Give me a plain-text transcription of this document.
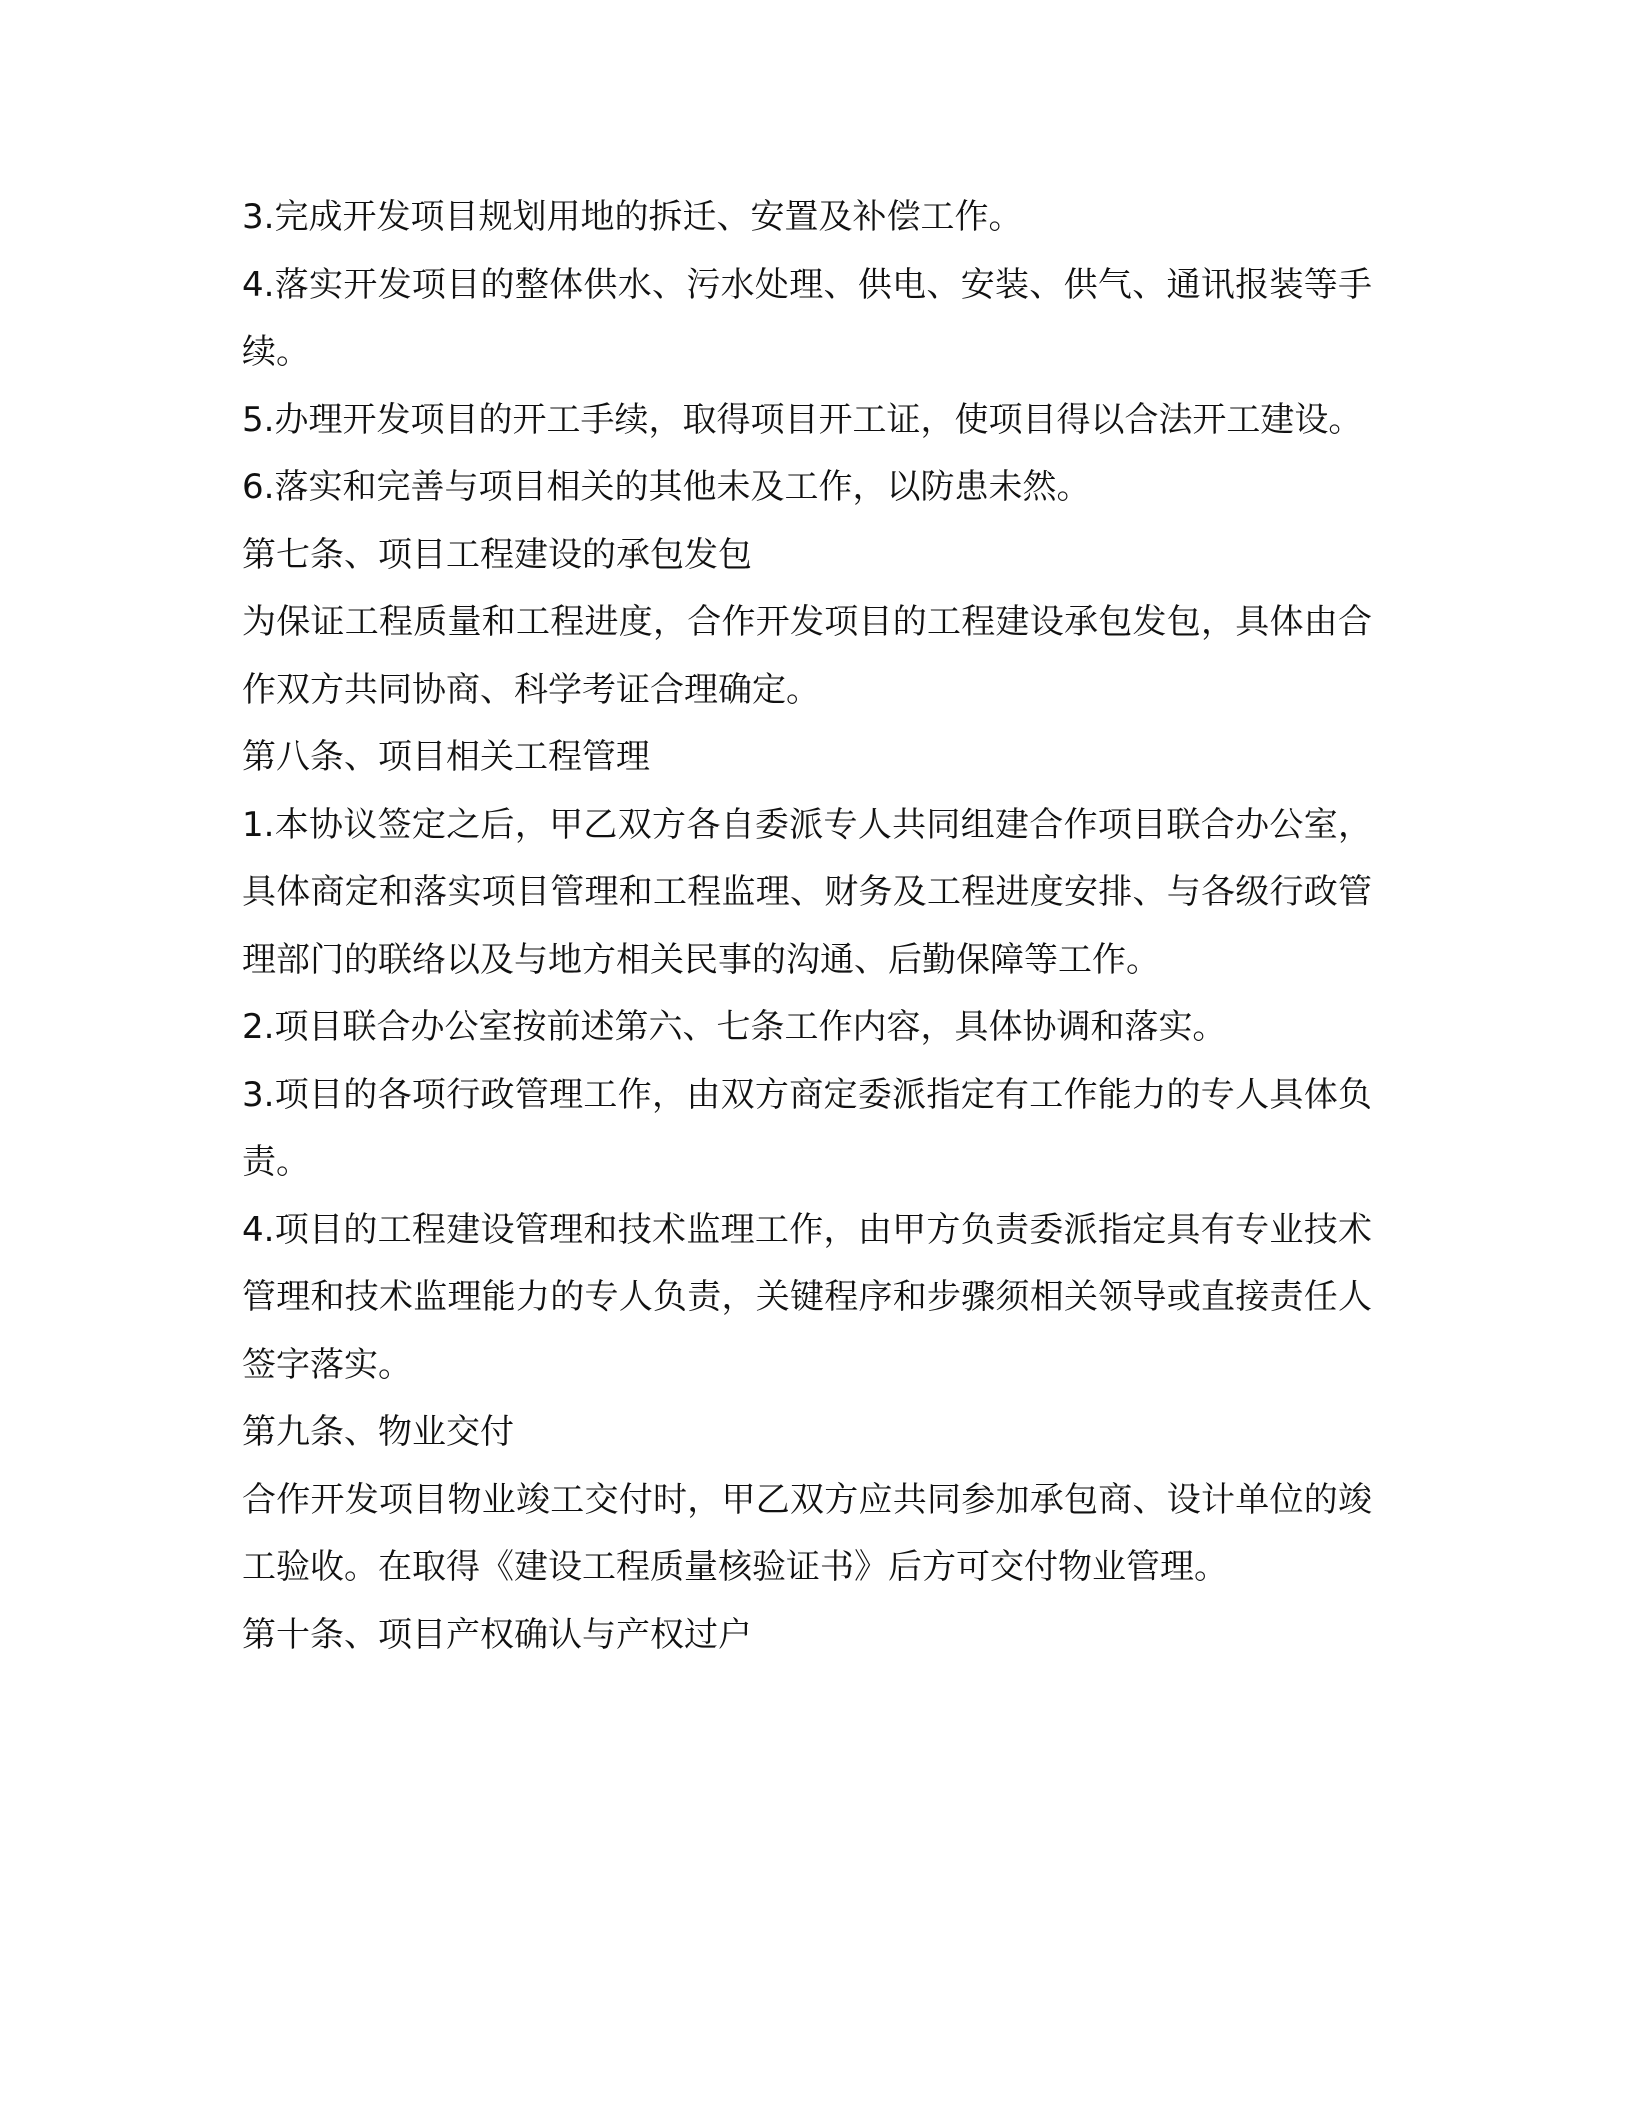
3.完成开发项目规划用地的拆迁、安置及补偿工作。

4.落实开发项目的整体供水、污水处理、供电、安装、供气、通讯报装等手续。

5.办理开发项目的开工手续，取得项目开工证，使项目得以合法开工建设。

6.落实和完善与项目相关的其他未及工作，以防患未然。

第七条、项目工程建设的承包发包

为保证工程质量和工程进度，合作开发项目的工程建设承包发包，具体由合作双方共同协商、科学考证合理确定。

第八条、项目相关工程管理

1.本协议签定之后，甲乙双方各自委派专人共同组建合作项目联合办公室，具体商定和落实项目管理和工程监理、财务及工程进度安排、与各级行政管理部门的联络以及与地方相关民事的沟通、后勤保障等工作。

2.项目联合办公室按前述第六、七条工作内容，具体协调和落实。

3.项目的各项行政管理工作，由双方商定委派指定有工作能力的专人具体负责。

4.项目的工程建设管理和技术监理工作，由甲方负责委派指定具有专业技术管理和技术监理能力的专人负责，关键程序和步骤须相关领导或直接责任人签字落实。

第九条、物业交付

合作开发项目物业竣工交付时，甲乙双方应共同参加承包商、设计单位的竣工验收。在取得《建设工程质量核验证书》后方可交付物业管理。

第十条、项目产权确认与产权过户
